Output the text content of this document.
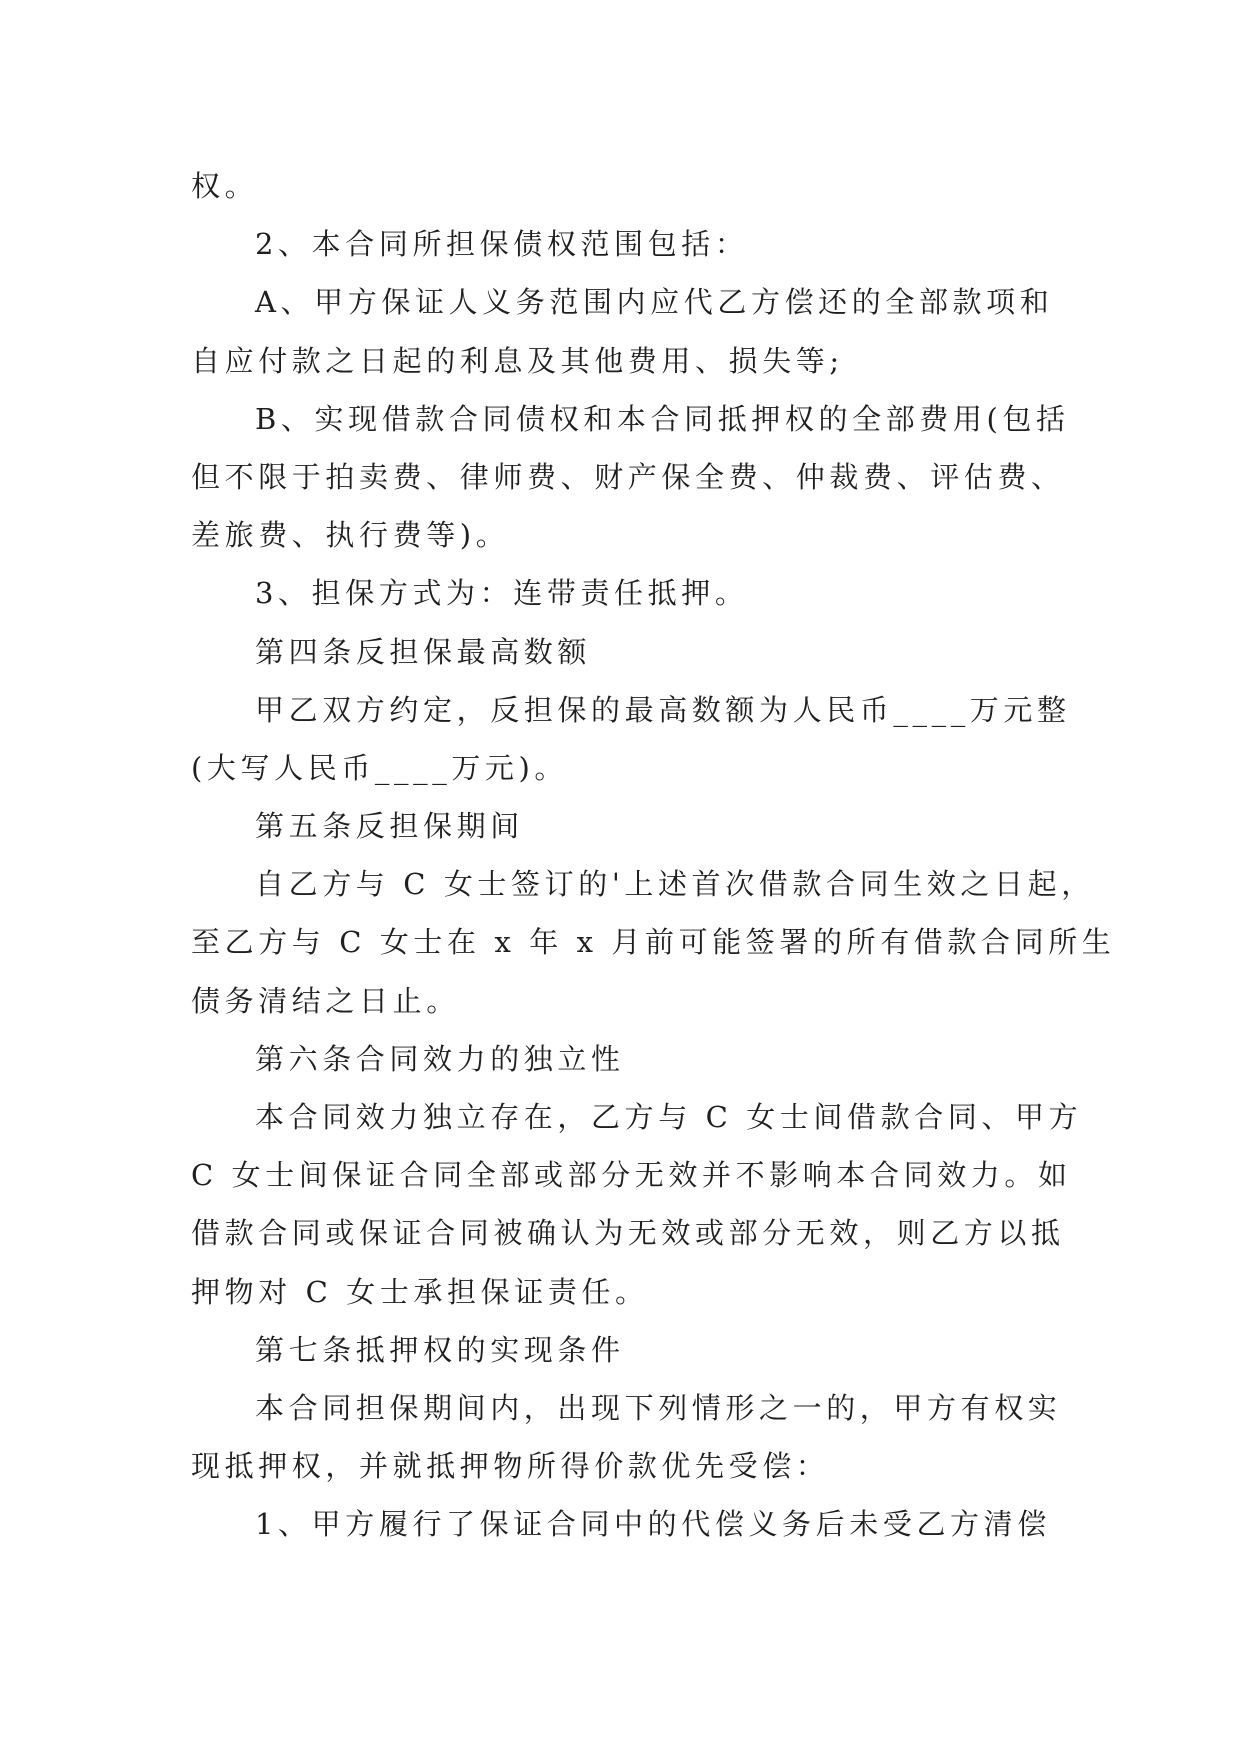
权。
2、本合同所担保债权范围包括：
A、甲方保证人义务范围内应代乙方偿还的全部款项和
自应付款之日起的利息及其他费用、损失等;
B、实现借款合同债权和本合同抵押权的全部费用(包括
但不限于拍卖费、律师费、财产保全费、仲裁费、评估费、
差旅费、执行费等)。
3、担保方式为：连带责任抵押。
第四条反担保最高数额
甲乙双方约定，反担保的最高数额为人民币____万元整
(大写人民币____万元)。
第五条反担保期间
自乙方与 C 女士签订的'上述首次借款合同生效之日起，
至乙方与 C 女士在 x 年 x 月前可能签署的所有借款合同所生
债务清结之日止。
第六条合同效力的独立性
本合同效力独立存在，乙方与 C 女士间借款合同、甲方
C 女士间保证合同全部或部分无效并不影响本合同效力。如
借款合同或保证合同被确认为无效或部分无效，则乙方以抵
押物对 C 女士承担保证责任。
第七条抵押权的实现条件
本合同担保期间内，出现下列情形之一的，甲方有权实
现抵押权，并就抵押物所得价款优先受偿：
1、甲方履行了保证合同中的代偿义务后未受乙方清偿
